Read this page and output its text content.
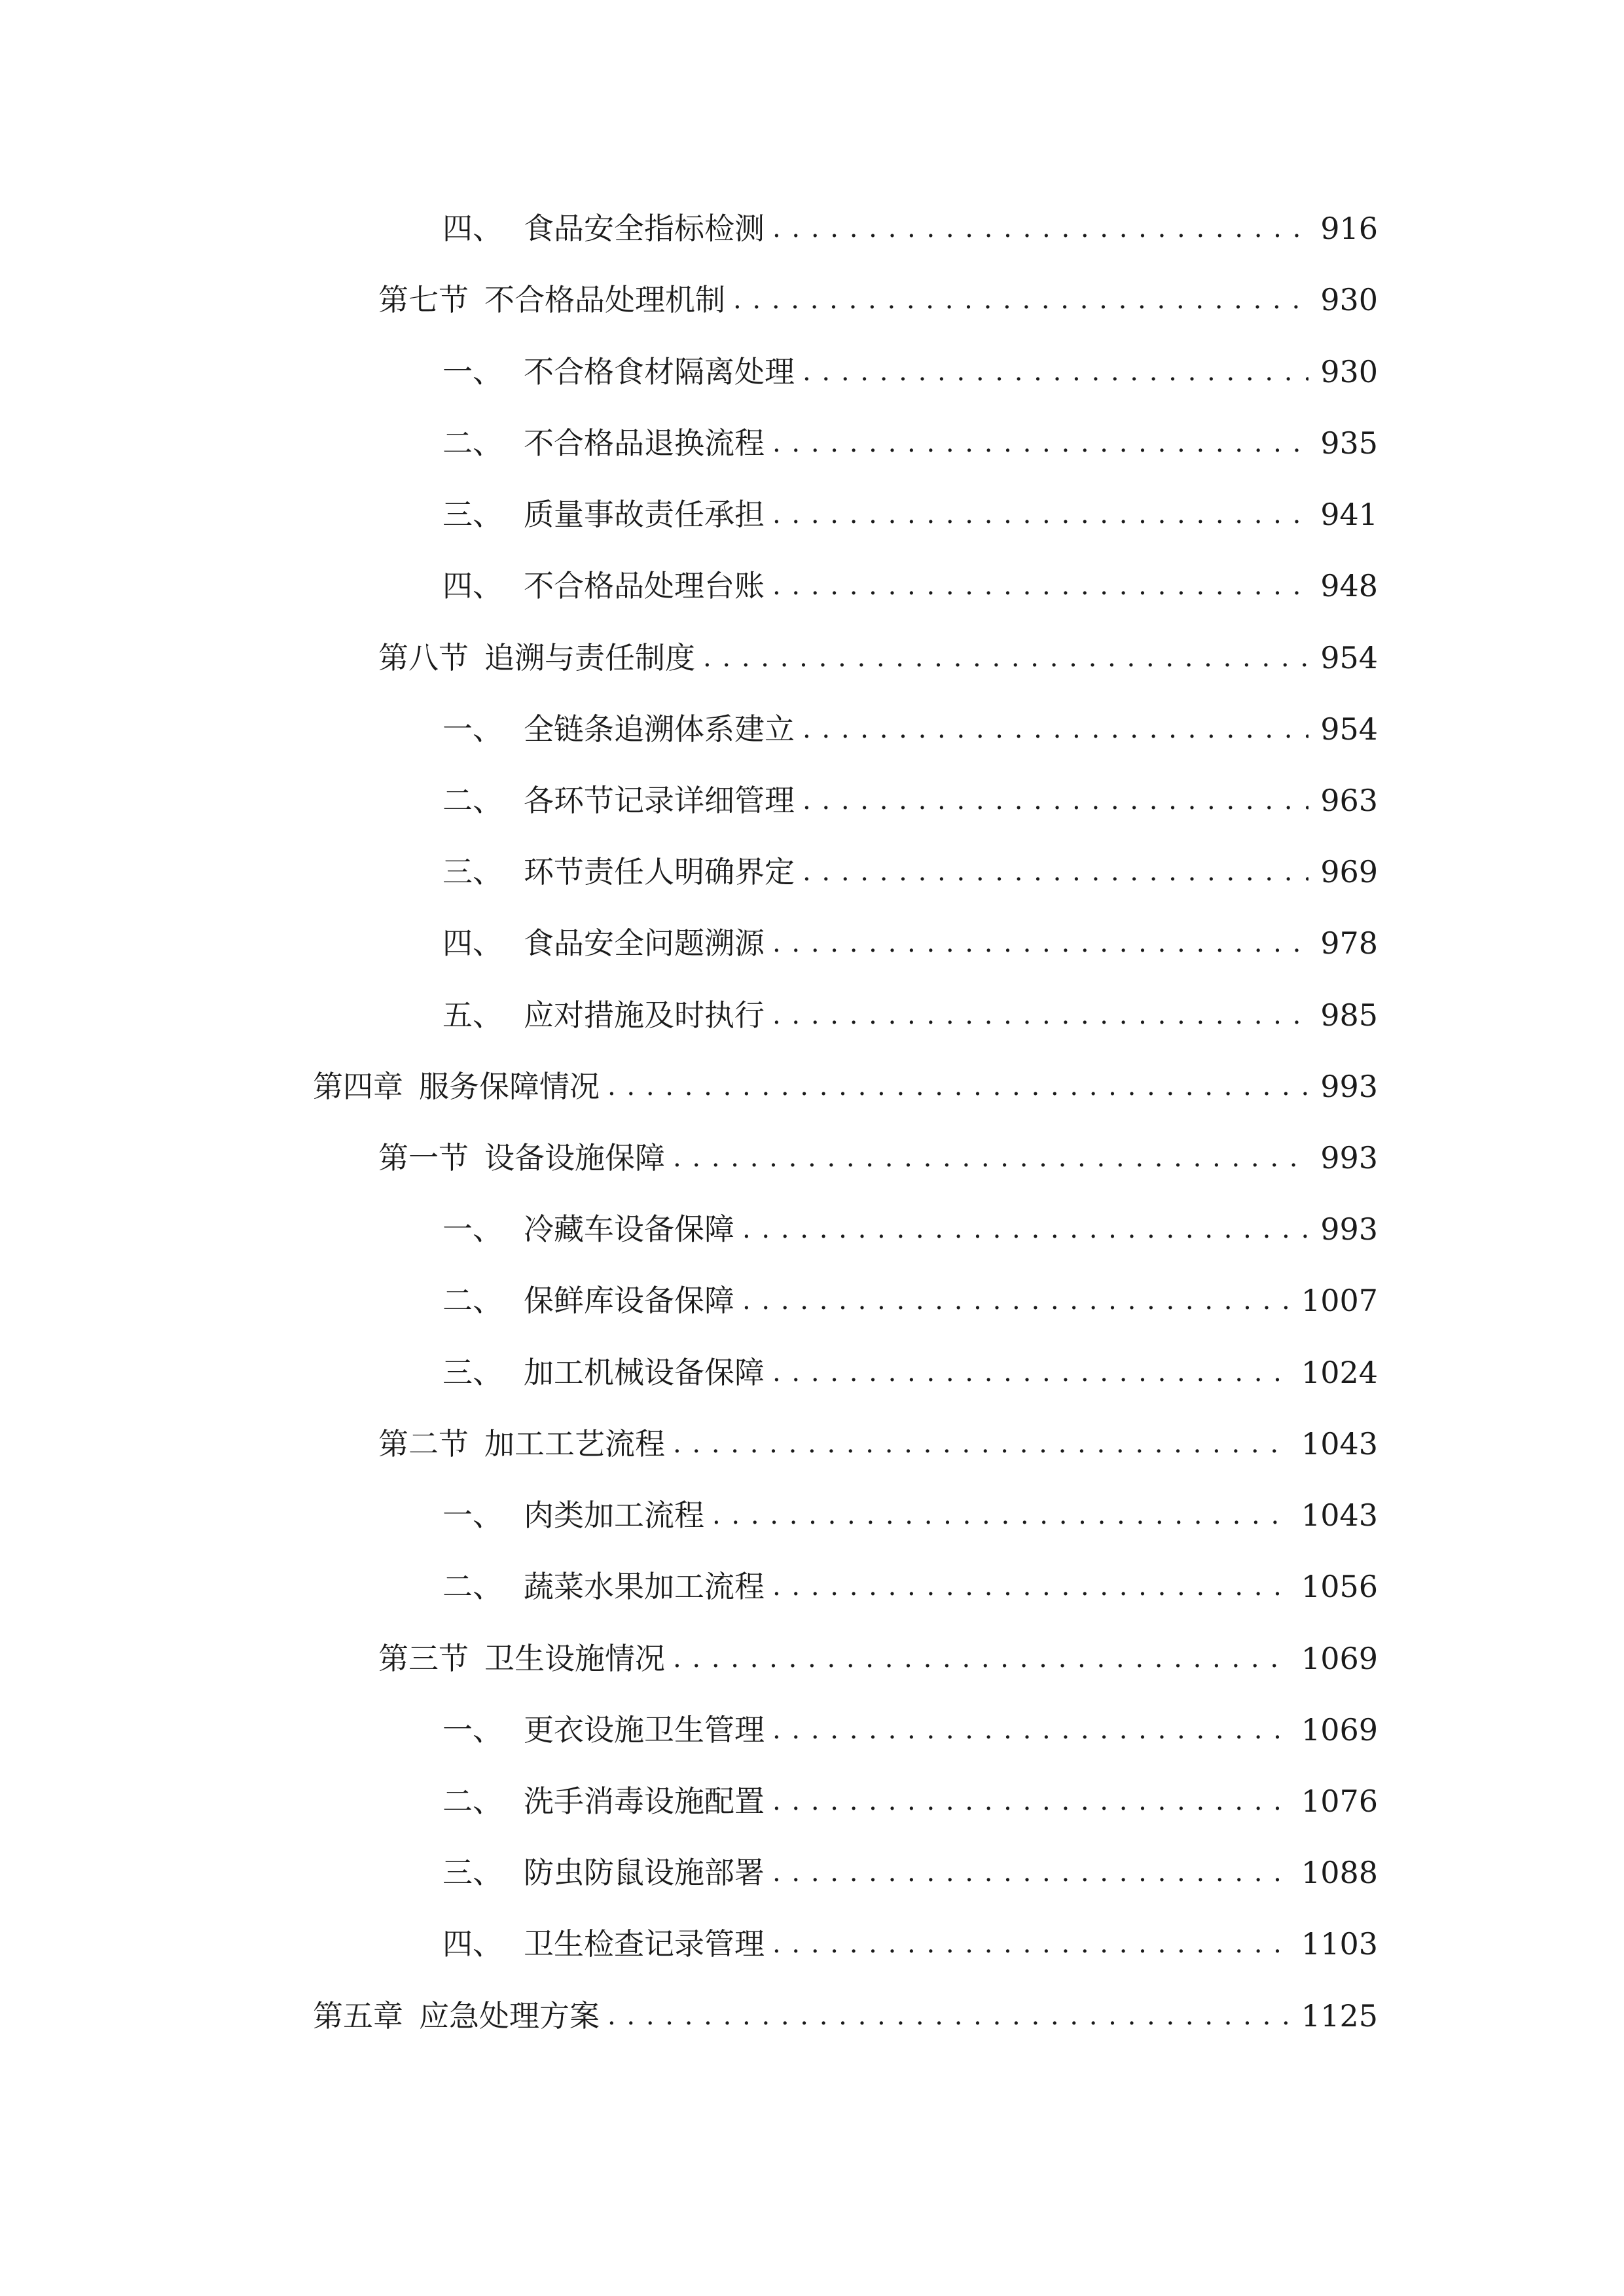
四、 食品安全指标检测 . . .	916
第七节 不合格品处理机制 . . .	930
一、 不合格食材隔离处理 . . .	930
二、 不合格品退换流程 . . .	935
三、 质量事故责任承担 . . .	941
四、 不合格品处理台账 . . .	948
第八节 追溯与责任制度 . . .	954
一、 全链条追溯体系建立 . . .	954
二、 各环节记录详细管理 . . .	963
三、 环节责任人明确界定 . . .	969
四、 食品安全问题溯源 . . .	978
五、 应对措施及时执行 . . .	985
第四章 服务保障情况 . . .	993
第一节 设备设施保障 . . .	993
一、 冷藏车设备保障 . . .	993
二、 保鲜库设备保障 . . .	1007
三、 加工机械设备保障 . . .	1024
第二节 加工工艺流程 . . .	1043
一、 肉类加工流程 . . .	1043
二、 蔬菜水果加工流程 . . .	1056
第三节 卫生设施情况 . . .	1069
一、 更衣设施卫生管理 . . .	1069
二、 洗手消毒设施配置 . . .	1076
三、 防虫防鼠设施部署 . . .	1088
四、 卫生检查记录管理 . . .	1103
第五章 应急处理方案 . . .	1125
